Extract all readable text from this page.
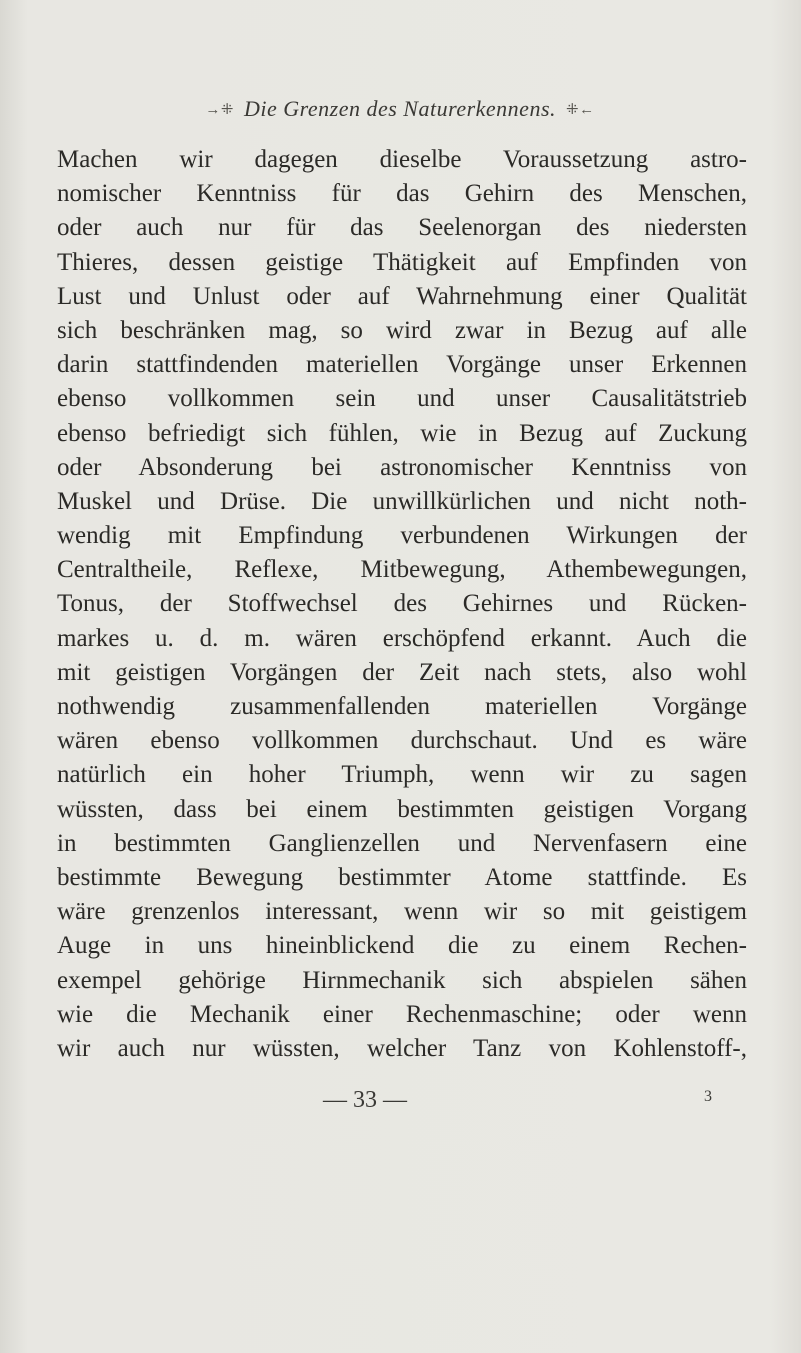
→⁜ Die Grenzen des Naturerkennens. ⁜←
Machen wir dagegen dieselbe Voraussetzung astro-
nomischer Kenntniss für das Gehirn des Menschen,
oder auch nur für das Seelenorgan des niedersten
Thieres, dessen geistige Thätigkeit auf Empfinden von
Lust und Unlust oder auf Wahrnehmung einer Qualität
sich beschränken mag, so wird zwar in Bezug auf alle
darin stattfindenden materiellen Vorgänge unser Erkennen
ebenso vollkommen sein und unser Causalitätstrieb
ebenso befriedigt sich fühlen, wie in Bezug auf Zuckung
oder Absonderung bei astronomischer Kenntniss von
Muskel und Drüse. Die unwillkürlichen und nicht noth-
wendig mit Empfindung verbundenen Wirkungen der
Centraltheile, Reflexe, Mitbewegung, Athembewegungen,
Tonus, der Stoffwechsel des Gehirnes und Rücken-
markes u. d. m. wären erschöpfend erkannt. Auch die
mit geistigen Vorgängen der Zeit nach stets, also wohl
nothwendig zusammenfallenden materiellen Vorgänge
wären ebenso vollkommen durchschaut. Und es wäre
natürlich ein hoher Triumph, wenn wir zu sagen
wüssten, dass bei einem bestimmten geistigen Vorgang
in bestimmten Ganglienzellen und Nervenfasern eine
bestimmte Bewegung bestimmter Atome stattfinde. Es
wäre grenzenlos interessant, wenn wir so mit geistigem
Auge in uns hineinblickend die zu einem Rechen-
exempel gehörige Hirnmechanik sich abspielen sähen
wie die Mechanik einer Rechenmaschine; oder wenn
wir auch nur wüssten, welcher Tanz von Kohlenstoff-,
— 33 —	3
